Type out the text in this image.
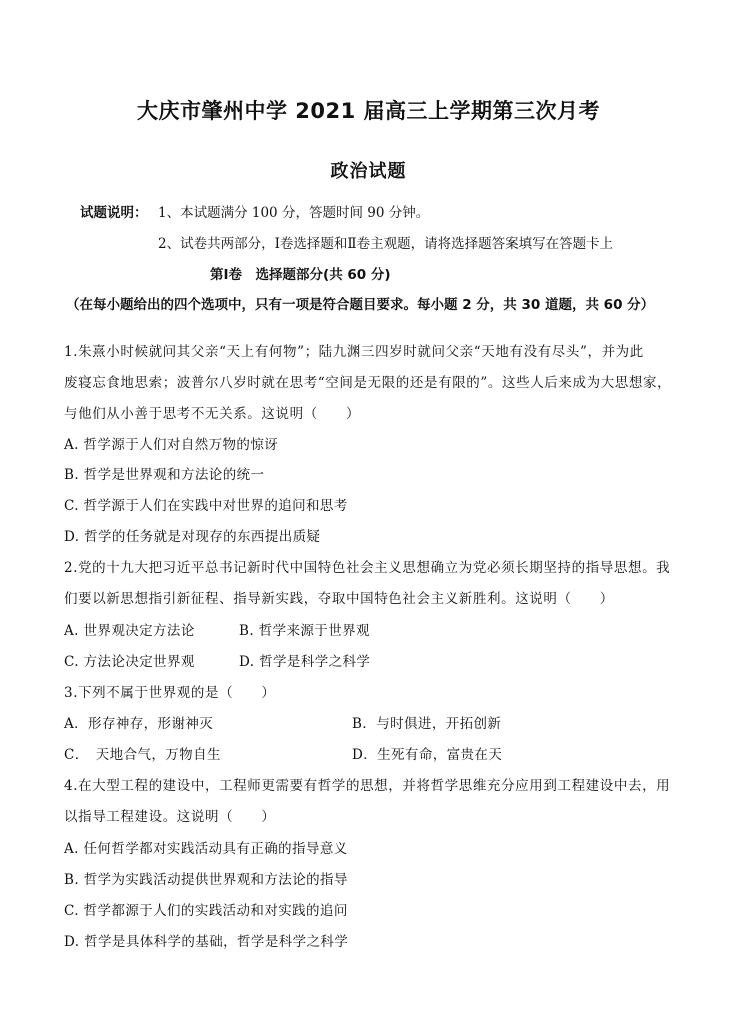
大庆市肇州中学 2021 届高三上学期第三次月考
政治试题
试题说明： 1、本试题满分 100 分，答题时间 90 分钟。
2、试卷共两部分，Ⅰ卷选择题和Ⅱ卷主观题，请将选择题答案填写在答题卡上
第Ⅰ卷　选择题部分(共 60 分)
（在每小题给出的四个选项中，只有一项是符合题目要求。每小题 2 分，共 30 道题，共 60 分）
1.朱熹小时候就问其父亲“天上有何物”；陆九渊三四岁时就问父亲“天地有没有尽头”，并为此
废寝忘食地思索；波普尔八岁时就在思考“空间是无限的还是有限的”。这些人后来成为大思想家，
与他们从小善于思考不无关系。这说明（　　）
A. 哲学源于人们对自然万物的惊讶
B. 哲学是世界观和方法论的统一
C. 哲学源于人们在实践中对世界的追问和思考
D. 哲学的任务就是对现存的东西提出质疑
2.党的十九大把习近平总书记新时代中国特色社会主义思想确立为党必须长期坚持的指导思想。我
们要以新思想指引新征程、指导新实践，夺取中国特色社会主义新胜利。这说明（　　）
A. 世界观决定方法论	B. 哲学来源于世界观
C. 方法论决定世界观	D. 哲学是科学之科学
3.下列不属于世界观的是（　　）
A．形存神存，形谢神灭	B．与时俱进，开拓创新
C．　天地合气，万物自生	D．生死有命，富贵在天
4.在大型工程的建设中，工程师更需要有哲学的思想，并将哲学思维充分应用到工程建设中去，用
以指导工程建设。这说明（　　）
A. 任何哲学都对实践活动具有正确的指导意义
B. 哲学为实践活动提供世界观和方法论的指导
C. 哲学都源于人们的实践活动和对实践的追问
D. 哲学是具体科学的基础，哲学是科学之科学
